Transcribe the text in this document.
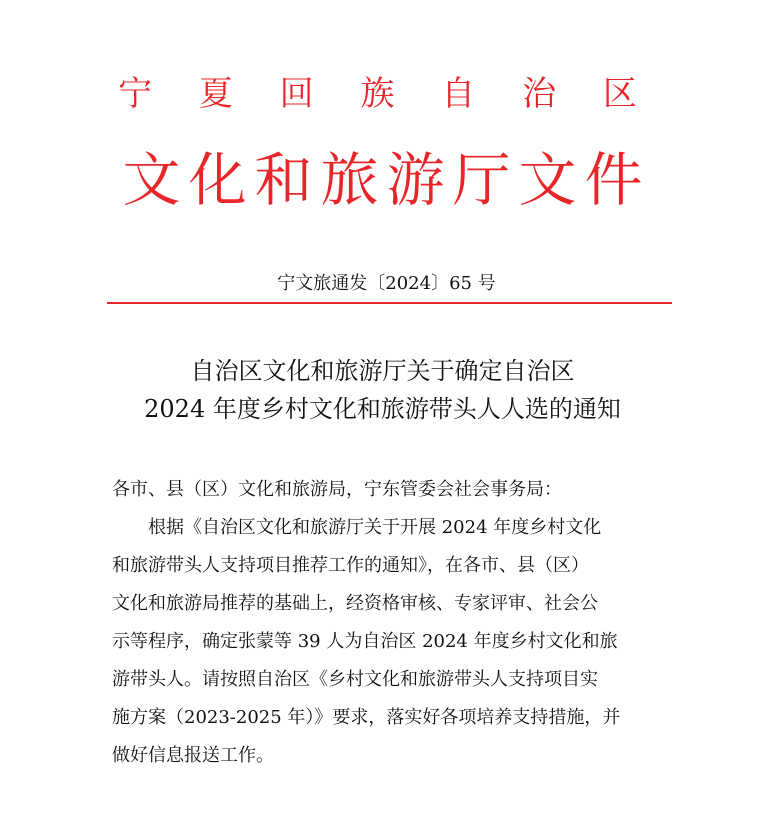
宁 夏 回 族 自 治 区
文化和旅游厅文件
宁文旅通发〔2024〕65 号
自治区文化和旅游厅关于确定自治区
2024 年度乡村文化和旅游带头人人选的通知
各市、县（区）文化和旅游局，宁东管委会社会事务局：
根据《自治区文化和旅游厅关于开展 2024 年度乡村文化
和旅游带头人支持项目推荐工作的通知》，在各市、县（区）
文化和旅游局推荐的基础上，经资格审核、专家评审、社会公
示等程序，确定张蒙等 39 人为自治区 2024 年度乡村文化和旅
游带头人。请按照自治区《乡村文化和旅游带头人支持项目实
施方案（2023-2025 年）》要求，落实好各项培养支持措施，并
做好信息报送工作。
